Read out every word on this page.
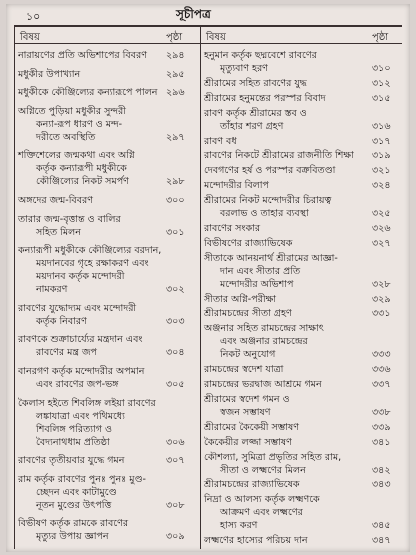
১০	সূচীপত্র
বিষয়	পৃষ্ঠা বিষয়	পৃষ্ঠা
নারায়ণের প্রতি অভিশাপের বিবরণ ২৯৪
মধুকীর উপাখ্যান	২৯৫
মধুকীকে কৌঞ্জিল্যের কন্যারূপে পালন ২৯৬
অগ্নিতে পুড়িয়া মধুকীর সুন্দরী
কন্যা-রূপ ধারণ ও মন্দ-
দরীতে অবস্থিতি	২৯৭
শক্তিশেলের জন্মকথা এবং অগ্নি
কর্তৃক কন্যারূপী মধুকীকে
কৌঞ্জিল্যের নিকট সমর্পণ	২৯৮
অঙ্গদের জন্ম-বিবরণ	৩০০
তারার জন্ম-বৃত্তান্ত ও বালির
সহিত মিলন	৩০১
কন্যারূপী মধুকীকে কৌঞ্জিল্যের বরদান,
ময়দানবের গৃহে রক্ষাকরণ এবং
ময়দানব কর্তৃক মন্দোদরী
নামকরণ	৩০২
রাবণের যুদ্ধোদ্যম এবং মন্দোদরী
কর্তৃক নিবারণ	৩০৩
রাবণকে শুক্রাচার্য্যের মন্ত্রদান এবং
রাবণের মন্ত্র জপ	৩০৪
বানরগণ কর্তৃক মন্দোদরীর অপমান
এবং রাবণের জপ-ভঙ্গ	৩০৫
কৈলাস হইতে শিবলিঙ্গ লইয়া রাবণের
লঙ্কাযাত্রা এবং পথিমধ্যে
শিবলিঙ্গ পরিত্যাগ ও
বৈদ্যনাথধাম প্রতিষ্ঠা	৩০৬
রাবণের তৃতীয়বার যুদ্ধে গমন	৩০৭
রাম কর্তৃক রাবণের পুনঃ পুনঃ মুণ্ড-
চ্ছেদন এবং কাটামুণ্ডে
নূতন মুণ্ডের উৎপত্তি	৩০৮
বিভীষণ কর্তৃক রামকে রাবণের
মৃত্যুর উপায় জ্ঞাপন	৩০৯
হনুমান কর্তৃক ছদ্মবেশে রাবণের
মৃত্যুবাণ হরণ	৩১০
শ্রীরামের সহিত রাবণের যুদ্ধ	৩১২
শ্রীরামের হনুমন্তের পরস্পর বিবাদ	৩১৫
রাবণ কর্তৃক শ্রীরামের স্তব ও
তাঁহার শরণ গ্রহণ	৩১৬
রাবণ বধ	৩১৭
রাবণের নিকটে শ্রীরামের রাজনীতি শিক্ষা ৩১৯
দেবগণের হর্ষ ও পরস্পর বক্রবিতণ্ডা	৩২১
মন্দোদরীর বিলাপ	৩২৪
শ্রীরামের নিকট মন্দোদরীর চিরায়ত্ব
বরলাভ ও তাহার ব্যবস্থা	৩২৫
রাবণের সংকার	৩২৬
বিভীষণের রাজ্যাভিষেক	৩২৭
সীতাকে আনয়নার্থ শ্রীরামের আজ্ঞা-
দান এবং সীতার প্রতি
মন্দোদরীর অভিশাপ	৩২৮
সীতার অগ্নি-পরীক্ষা	৩২৯
শ্রীরামচন্দ্রের সীতা গ্রহণ	৩৩১
অঞ্জনার সহিত রামচন্দ্রের সাক্ষাৎ
এবং অঞ্জনার রামচন্দ্রের
নিকট অনুযোগ	৩৩৩
রামচন্দ্রের স্বদেশ যাত্রা	৩৩৬
রামচন্দ্রের ভরদ্বাজ আশ্রমে গমন	৩৩৭
শ্রীরামের স্বদেশ গমন ও
স্বজন সম্ভাষণ	৩৩৮
শ্রীরামের কৈকেয়ী সম্ভাষণ	৩৩৯
কৈকেয়ীর লজ্জা সম্ভাষণ	৩৪১
কৌশল্যা, সুমিত্রা প্রভৃতির সহিত রাম,
সীতা ও লক্ষ্মণের মিলন	৩৪২
শ্রীরামচন্দ্রের রাজ্যাভিষেক	৩৪৩
নিদ্রা ও আলস্য কর্তৃক লক্ষ্মণকে
আক্রমণ এবং লক্ষ্মণের
হাস্য করণ	৩৪৫
লক্ষ্মণের হাস্যের পরিচয় দান	৩৪৭
